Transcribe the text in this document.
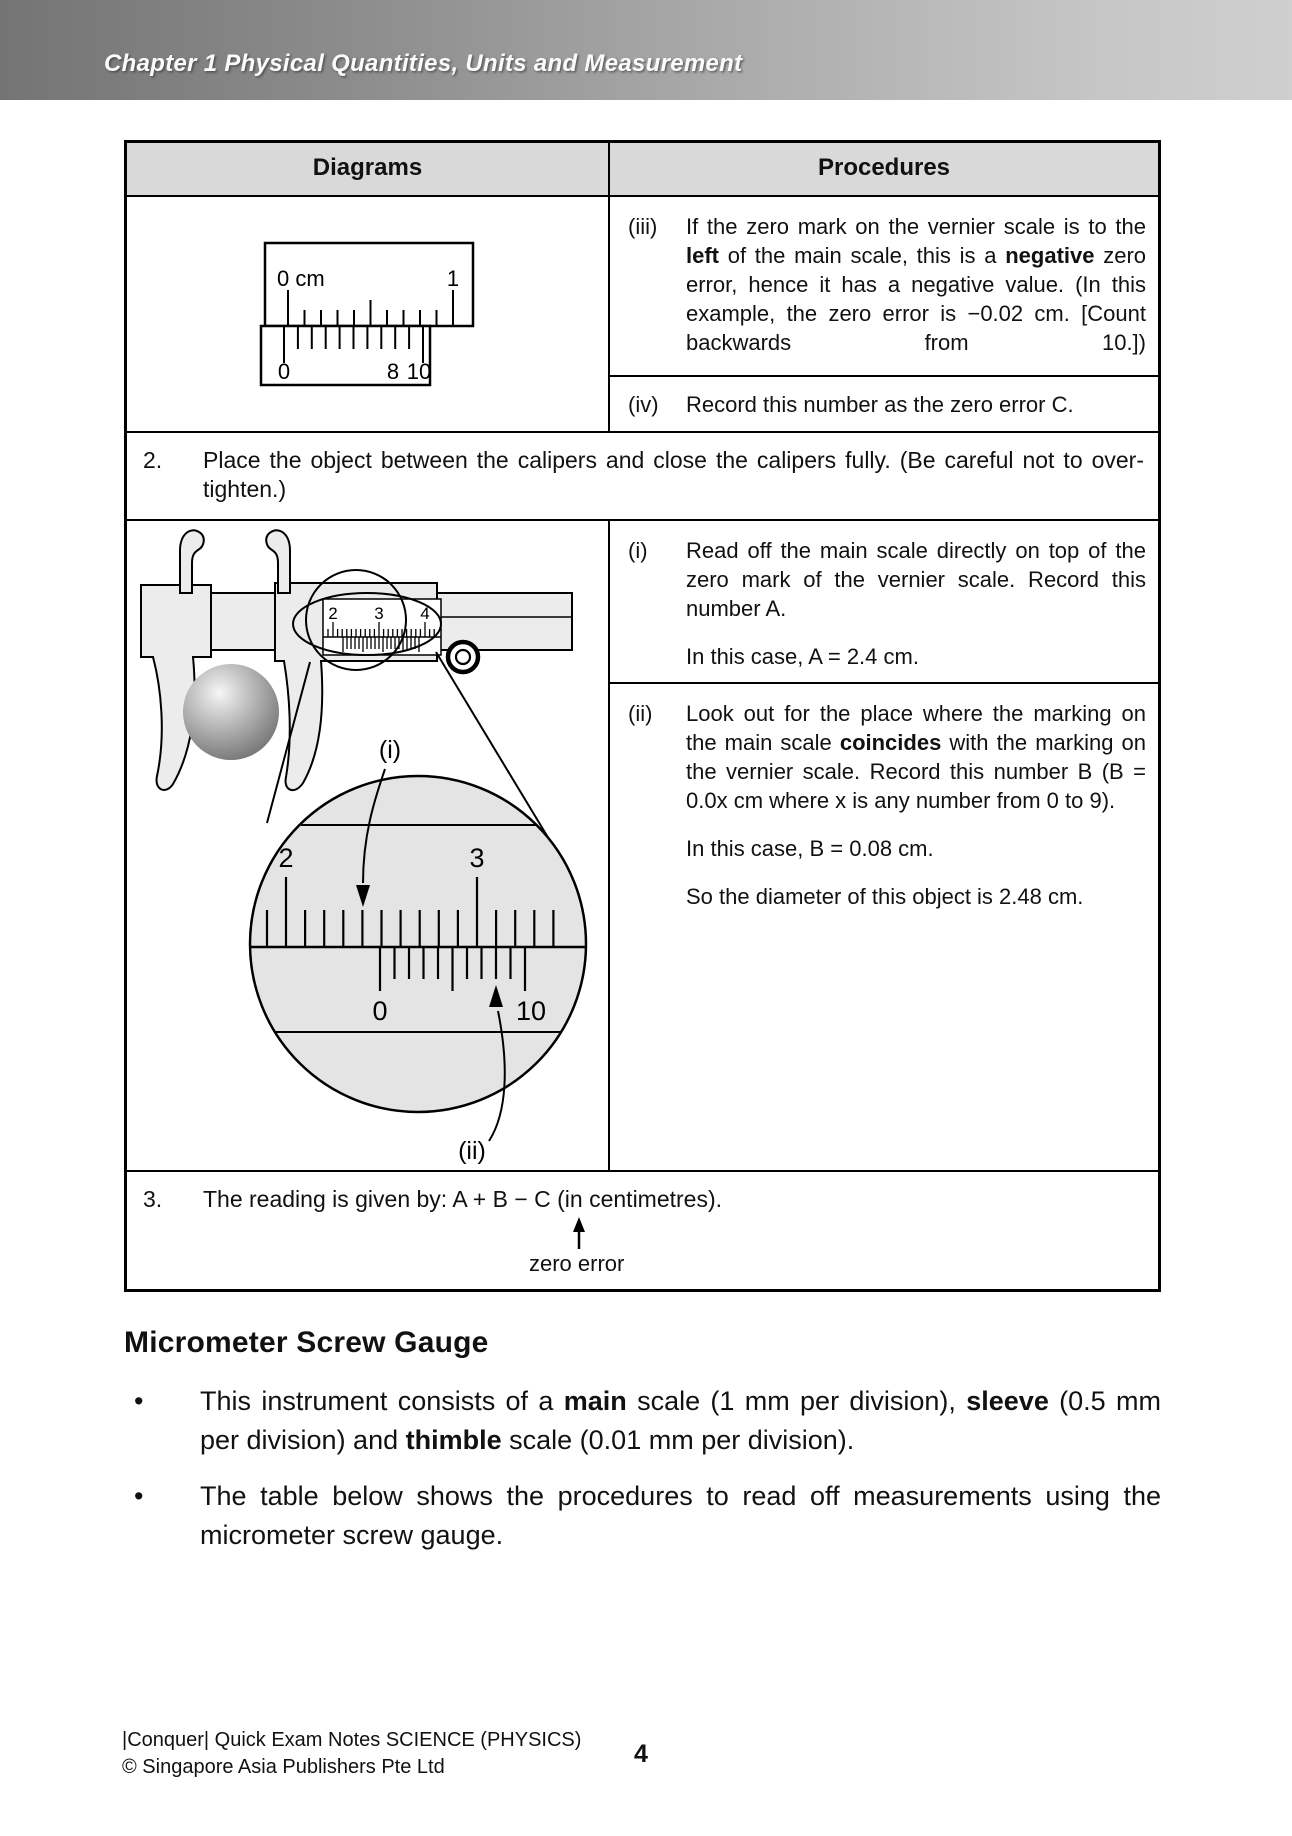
Chapter 1 Physical Quantities, Units and Measurement
Diagrams	Procedures
0 cm	1
0	8 10
(iii)	If the zero mark on the vernier scale is to the left of the main scale, this is a negative zero error, hence it has a negative value. (In this example, the zero error is −0.02 cm. [Count backwards from 10.])
(iv)	Record this number as the zero error C.
2.	Place the object between the calipers and close the calipers fully. (Be careful not to over-tighten.)
2 3 4
2	3
0	10
(i)
(ii)
(i)	Read off the main scale directly on top of the zero mark of the vernier scale. Record this number A.

In this case, A = 2.4 cm.

(ii)	Look out for the place where the marking on the main scale coincides with the marking on the vernier scale. Record this number B (B = 0.0x cm where x is any number from 0 to 9).

In this case, B = 0.08 cm.

So the diameter of this object is 2.48 cm.

3.	The reading is given by: A + B − C (in centimetres).
zero error
Micrometer Screw Gauge
•	This instrument consists of a main scale (1 mm per division), sleeve (0.5 mm per division) and thimble scale (0.01 mm per division).
•	The table below shows the procedures to read off measurements using the micrometer screw gauge.
|Conquer| Quick Exam Notes SCIENCE (PHYSICS)
© Singapore Asia Publishers Pte Ltd	4
